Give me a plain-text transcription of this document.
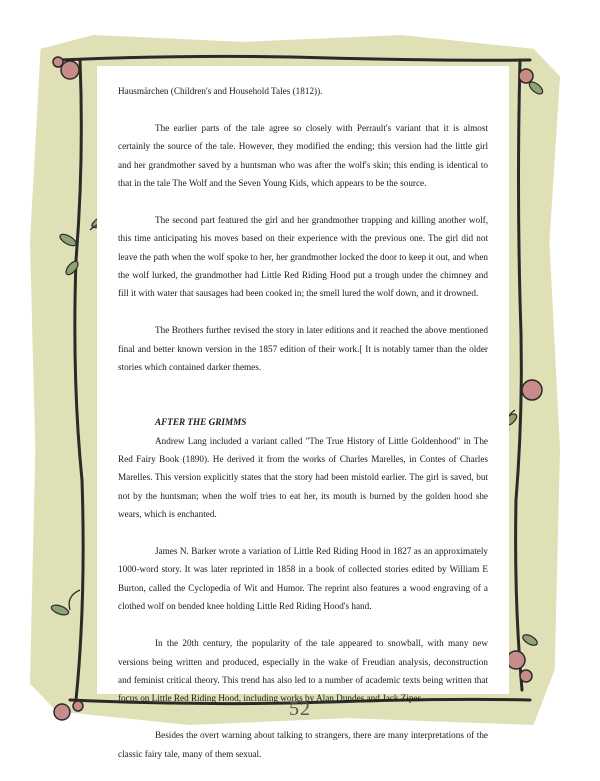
Hausmärchen (Children's and Household Tales (1812)).

The earlier parts of the tale agree so closely with Perrault's variant that it is almost certainly the source of the tale. However, they modified the ending; this version had the little girl and her grandmother saved by a huntsman who was after the wolf's skin; this ending is identical to that in the tale The Wolf and the Seven Young Kids, which appears to be the source.

The second part featured the girl and her grandmother trapping and killing another wolf, this time anticipating his moves based on their experience with the previous one. The girl did not leave the path when the wolf spoke to her, her grandmother locked the door to keep it out, and when the wolf lurked, the grandmother had Little Red Riding Hood put a trough under the chimney and fill it with water that sausages had been cooked in; the smell lured the wolf down, and it drowned.

The Brothers further revised the story in later editions and it reached the above mentioned final and better known version in the 1857 edition of their work.[ It is notably tamer than the older stories which contained darker themes.

AFTER THE GRIMMS

Andrew Lang included a variant called "The True History of Little Goldenhood" in The Red Fairy Book (1890). He derived it from the works of Charles Marelles, in Contes of Charles Marelles. This version explicitly states that the story had been mistold earlier. The girl is saved, but not by the huntsman; when the wolf tries to eat her, its mouth is burned by the golden hood she wears, which is enchanted.

James N. Barker wrote a variation of Little Red Riding Hood in 1827 as an approximately 1000-word story. It was later reprinted in 1858 in a book of collected stories edited by William E Burton, called the Cyclopedia of Wit and Humor. The reprint also features a wood engraving of a clothed wolf on bended knee holding Little Red Riding Hood's hand.

In the 20th century, the popularity of the tale appeared to snowball, with many new versions being written and produced, especially in the wake of Freudian analysis, deconstruction and feminist critical theory. This trend has also led to a number of academic texts being written that focus on Little Red Riding Hood, including works by Alan Dundes and Jack Zipes.

Besides the overt warning about talking to strangers, there are many interpretations of the classic fairy tale, many of them sexual.

52
